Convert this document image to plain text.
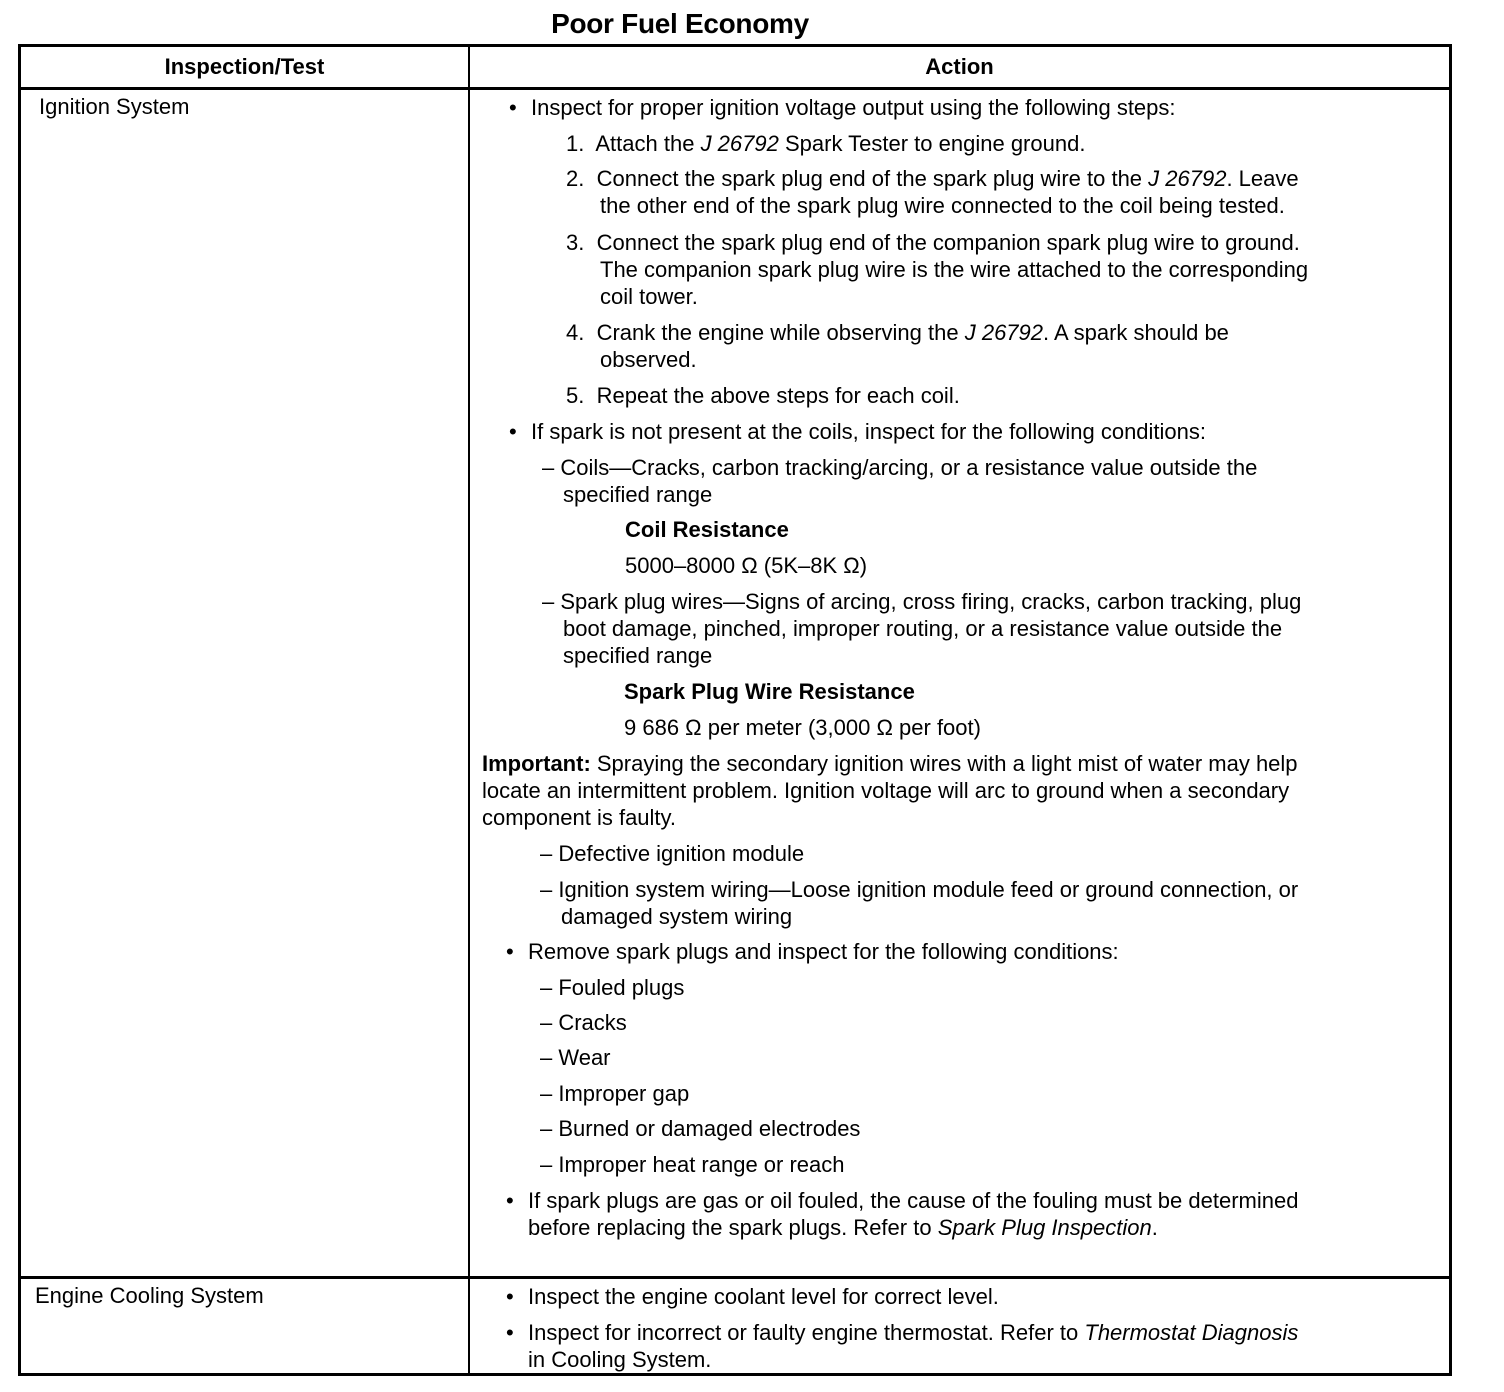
Poor Fuel Economy
Inspection/Test	Action
Ignition System	• Inspect for proper ignition voltage output using the following steps:
1. Attach the J 26792 Spark Tester to engine ground.
2. Connect the spark plug end of the spark plug wire to the J 26792. Leave
the other end of the spark plug wire connected to the coil being tested.
3. Connect the spark plug end of the companion spark plug wire to ground.
The companion spark plug wire is the wire attached to the corresponding
coil tower.
4. Crank the engine while observing the J 26792. A spark should be
observed.
5. Repeat the above steps for each coil.
• If spark is not present at the coils, inspect for the following conditions:
– Coils—Cracks, carbon tracking/arcing, or a resistance value outside the
specified range
Coil Resistance
5000–8000 Ω (5K–8K Ω)
– Spark plug wires—Signs of arcing, cross firing, cracks, carbon tracking, plug
boot damage, pinched, improper routing, or a resistance value outside the
specified range
Spark Plug Wire Resistance
9 686 Ω per meter (3,000 Ω per foot)
Important: Spraying the secondary ignition wires with a light mist of water may help
locate an intermittent problem. Ignition voltage will arc to ground when a secondary
component is faulty.
– Defective ignition module
– Ignition system wiring—Loose ignition module feed or ground connection, or
damaged system wiring
• Remove spark plugs and inspect for the following conditions:
– Fouled plugs
– Cracks
– Wear
– Improper gap
– Burned or damaged electrodes
– Improper heat range or reach
• If spark plugs are gas or oil fouled, the cause of the fouling must be determined
before replacing the spark plugs. Refer to Spark Plug Inspection.
Engine Cooling System	• Inspect the engine coolant level for correct level.
• Inspect for incorrect or faulty engine thermostat. Refer to Thermostat Diagnosis
in Cooling System.
